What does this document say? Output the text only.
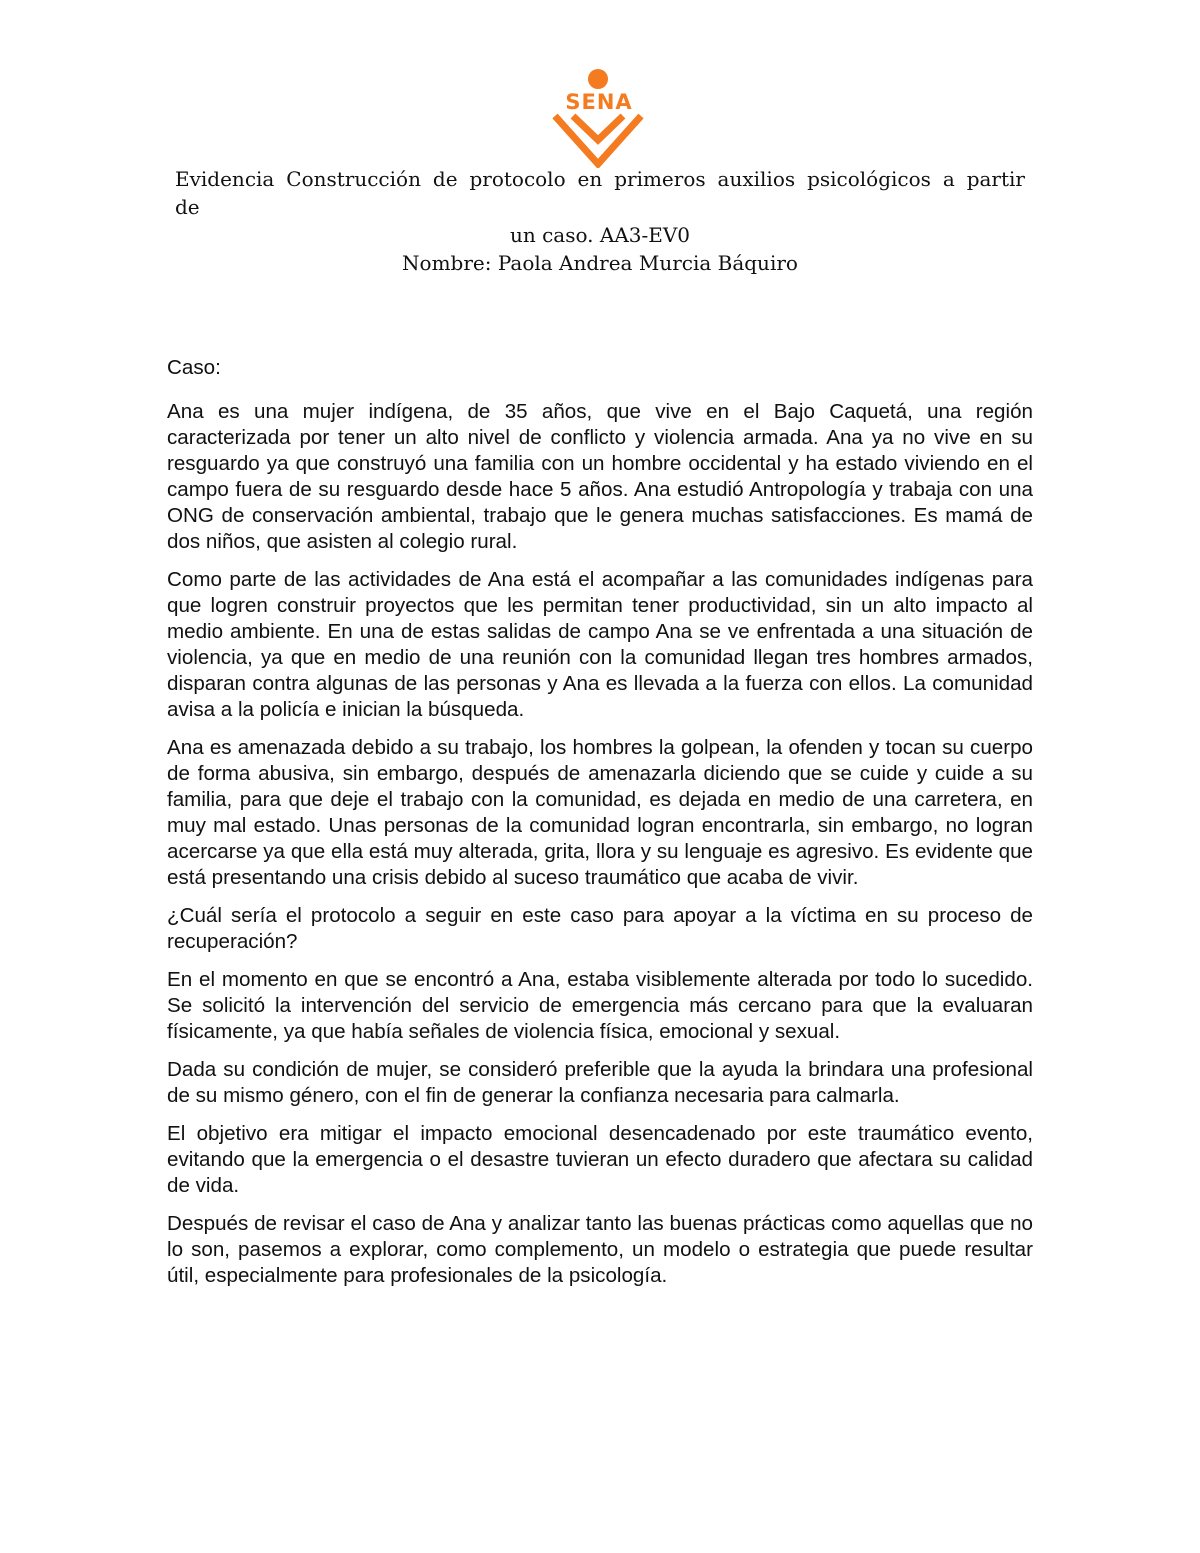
SENA
Evidencia Construcción de protocolo en primeros auxilios psicológicos a partir de
un caso. AA3-EV0
Nombre: Paola Andrea Murcia Báquiro

Caso:

Ana es una mujer indígena, de 35 años, que vive en el Bajo Caquetá, una región caracterizada por tener un alto nivel de conflicto y violencia armada. Ana ya no vive en su resguardo ya que construyó una familia con un hombre occidental y ha estado viviendo en el campo fuera de su resguardo desde hace 5 años. Ana estudió Antropología y trabaja con una ONG de conservación ambiental, trabajo que le genera muchas satisfacciones. Es mamá de dos niños, que asisten al colegio rural.

Como parte de las actividades de Ana está el acompañar a las comunidades indígenas para que logren construir proyectos que les permitan tener productividad, sin un alto impacto al medio ambiente. En una de estas salidas de campo Ana se ve enfrentada a una situación de violencia, ya que en medio de una reunión con la comunidad llegan tres hombres armados, disparan contra algunas de las personas y Ana es llevada a la fuerza con ellos. La comunidad avisa a la policía e inician la búsqueda.

Ana es amenazada debido a su trabajo, los hombres la golpean, la ofenden y tocan su cuerpo de forma abusiva, sin embargo, después de amenazarla diciendo que se cuide y cuide a su familia, para que deje el trabajo con la comunidad, es dejada en medio de una carretera, en muy mal estado. Unas personas de la comunidad logran encontrarla, sin embargo, no logran acercarse ya que ella está muy alterada, grita, llora y su lenguaje es agresivo. Es evidente que está presentando una crisis debido al suceso traumático que acaba de vivir.

¿Cuál sería el protocolo a seguir en este caso para apoyar a la víctima en su proceso de recuperación?

En el momento en que se encontró a Ana, estaba visiblemente alterada por todo lo sucedido. Se solicitó la intervención del servicio de emergencia más cercano para que la evaluaran físicamente, ya que había señales de violencia física, emocional y sexual.

Dada su condición de mujer, se consideró preferible que la ayuda la brindara una profesional de su mismo género, con el fin de generar la confianza necesaria para calmarla.

El objetivo era mitigar el impacto emocional desencadenado por este traumático evento, evitando que la emergencia o el desastre tuvieran un efecto duradero que afectara su calidad de vida.

Después de revisar el caso de Ana y analizar tanto las buenas prácticas como aquellas que no lo son, pasemos a explorar, como complemento, un modelo o estrategia que puede resultar útil, especialmente para profesionales de la psicología.
